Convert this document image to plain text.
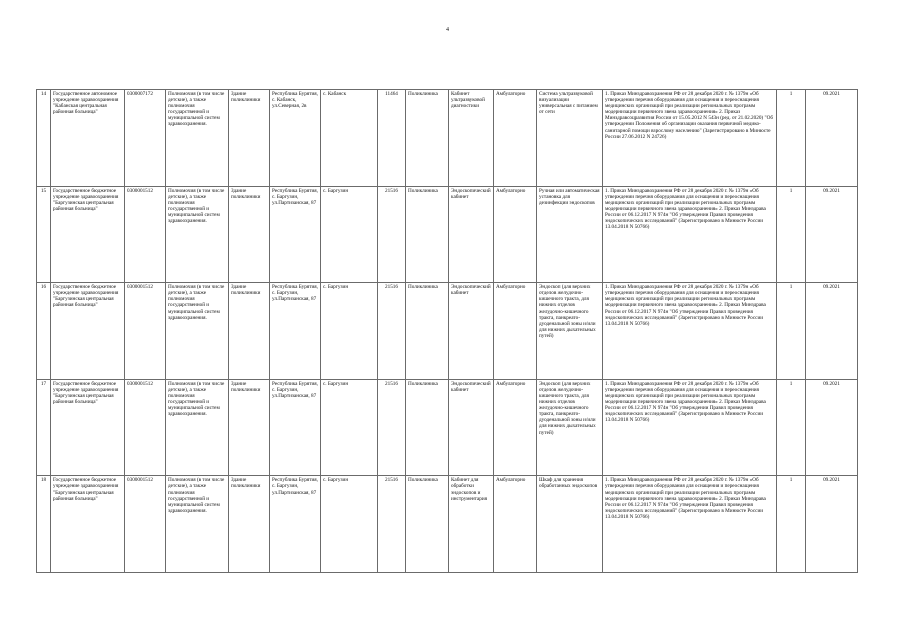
4
14	Государственное автономное учреждение здравоохранения "Кабанская центральная районная больница"	0300007172	Полномочия (в том числе детские), а также полномочия государственной и муниципальной систем здравоохранения.	Здание поликлиники	Республика Бурятия, с. Кабанск, ул.Северная, 2в	с. Кабанск	11464	Поликлиника	Кабинет ультразвуковой диагностики	Амбулаторно	Система ультразвуковой визуализации универсальная с питанием от сети	1. Приказ Минздравохранения РФ от 28 декабря 2020 г. № 1379н «Об утверждении перечня оборудования для оснащения и переоснащения медицинских организаций при реализации региональных программ модернизации первичного звена здравоохранения» 2. Приказ Минздравсоцразвития России от 15.05.2012 N 543н (ред. от 21.02.2020) "Об утверждении Положения об организации оказания первичной медико-санитарной помощи взрослому населению" (Зарегистрировано в Минюсте России 27.06.2012 N 24726)	1	09.2021
15	Государственное бюджетное учреждение здравоохранения "Баргузинская центральная районная больница"	0300001512	Полномочия (в том числе детские), а также полномочия государственной и муниципальной систем здравоохранения.	Здание поликлиники	Республика Бурятия, с. Баргузин, ул.Партизанская, 87	с. Баргузин	21516	Поликлиника	Эндоскопический кабинет	Амбулаторно	Ручная или автоматическая установка для дезинфекции эндоскопов	1. Приказ Минздравохранения РФ от 28 декабря 2020 г. № 1379н «Об утверждении перечня оборудования для оснащения и переоснащения медицинских организаций при реализации региональных программ модернизации первичного звена здравоохранения» 2. Приказ Минздрава России от 06.12.2017 N 974н "Об утверждении Правил проведения эндоскопических исследований" (Зарегистрировано в Минюсте России 13.04.2018 N 50766)	1	09.2021
16	Государственное бюджетное учреждение здравоохранения "Баргузинская центральная районная больница"	0300001512	Полномочия (в том числе детские), а также полномочия государственной и муниципальной систем здравоохранения.	Здание поликлиники	Республика Бурятия, с. Баргузин, ул.Партизанская, 87	с. Баргузин	21516	Поликлиника	Эндоскопический кабинет	Амбулаторно	Эндоскоп (для верхних отделов желудочно-кишечного тракта, для нижних отделов желудочно-кишечного тракта, панкреато-дуоденальной зоны и/или для нижних дыхательных путей)	1. Приказ Минздравохранения РФ от 28 декабря 2020 г. № 1379н «Об утверждении перечня оборудования для оснащения и переоснащения медицинских организаций при реализации региональных программ модернизации первичного звена здравоохранения» 2. Приказ Минздрава России от 06.12.2017 N 974н "Об утверждении Правил проведения эндоскопических исследований" (Зарегистрировано в Минюсте России 13.04.2018 N 50766)	1	09.2021
17	Государственное бюджетное учреждение здравоохранения "Баргузинская центральная районная больница"	0300001512	Полномочия (в том числе детские), а также полномочия государственной и муниципальной систем здравоохранения.	Здание поликлиники	Республика Бурятия, с. Баргузин, ул.Партизанская, 87	с. Баргузин	21516	Поликлиника	Эндоскопический кабинет	Амбулаторно	Эндоскоп (для верхних отделов желудочно-кишечного тракта, для нижних отделов желудочно-кишечного тракта, панкреато-дуоденальной зоны и/или для нижних дыхательных путей)	1. Приказ Минздравохранения РФ от 28 декабря 2020 г. № 1379н «Об утверждении перечня оборудования для оснащения и переоснащения медицинских организаций при реализации региональных программ модернизации первичного звена здравоохранения» 2. Приказ Минздрава России от 06.12.2017 N 974н "Об утверждении Правил проведения эндоскопических исследований" (Зарегистрировано в Минюсте России 13.04.2018 N 50766)	1	09.2021
18	Государственное бюджетное учреждение здравоохранения "Баргузинская центральная районная больница"	0300001512	Полномочия (в том числе детские), а также полномочия государственной и муниципальной систем здравоохранения.	Здание поликлиники	Республика Бурятия, с. Баргузин, ул.Партизанская, 87	с. Баргузин	21516	Поликлиника	Кабинет для обработки эндоскопов и инструментария	Амбулаторно	Шкаф для хранения обработанных эндоскопов	1. Приказ Минздравохранения РФ от 28 декабря 2020 г. № 1379н «Об утверждении перечня оборудования для оснащения и переоснащения медицинских организаций при реализации региональных программ модернизации первичного звена здравоохранения» 2. Приказ Минздрава России от 06.12.2017 N 974н "Об утверждении Правил проведения эндоскопических исследований" (Зарегистрировано в Минюсте России 13.04.2018 N 50766)	1	09.2021
